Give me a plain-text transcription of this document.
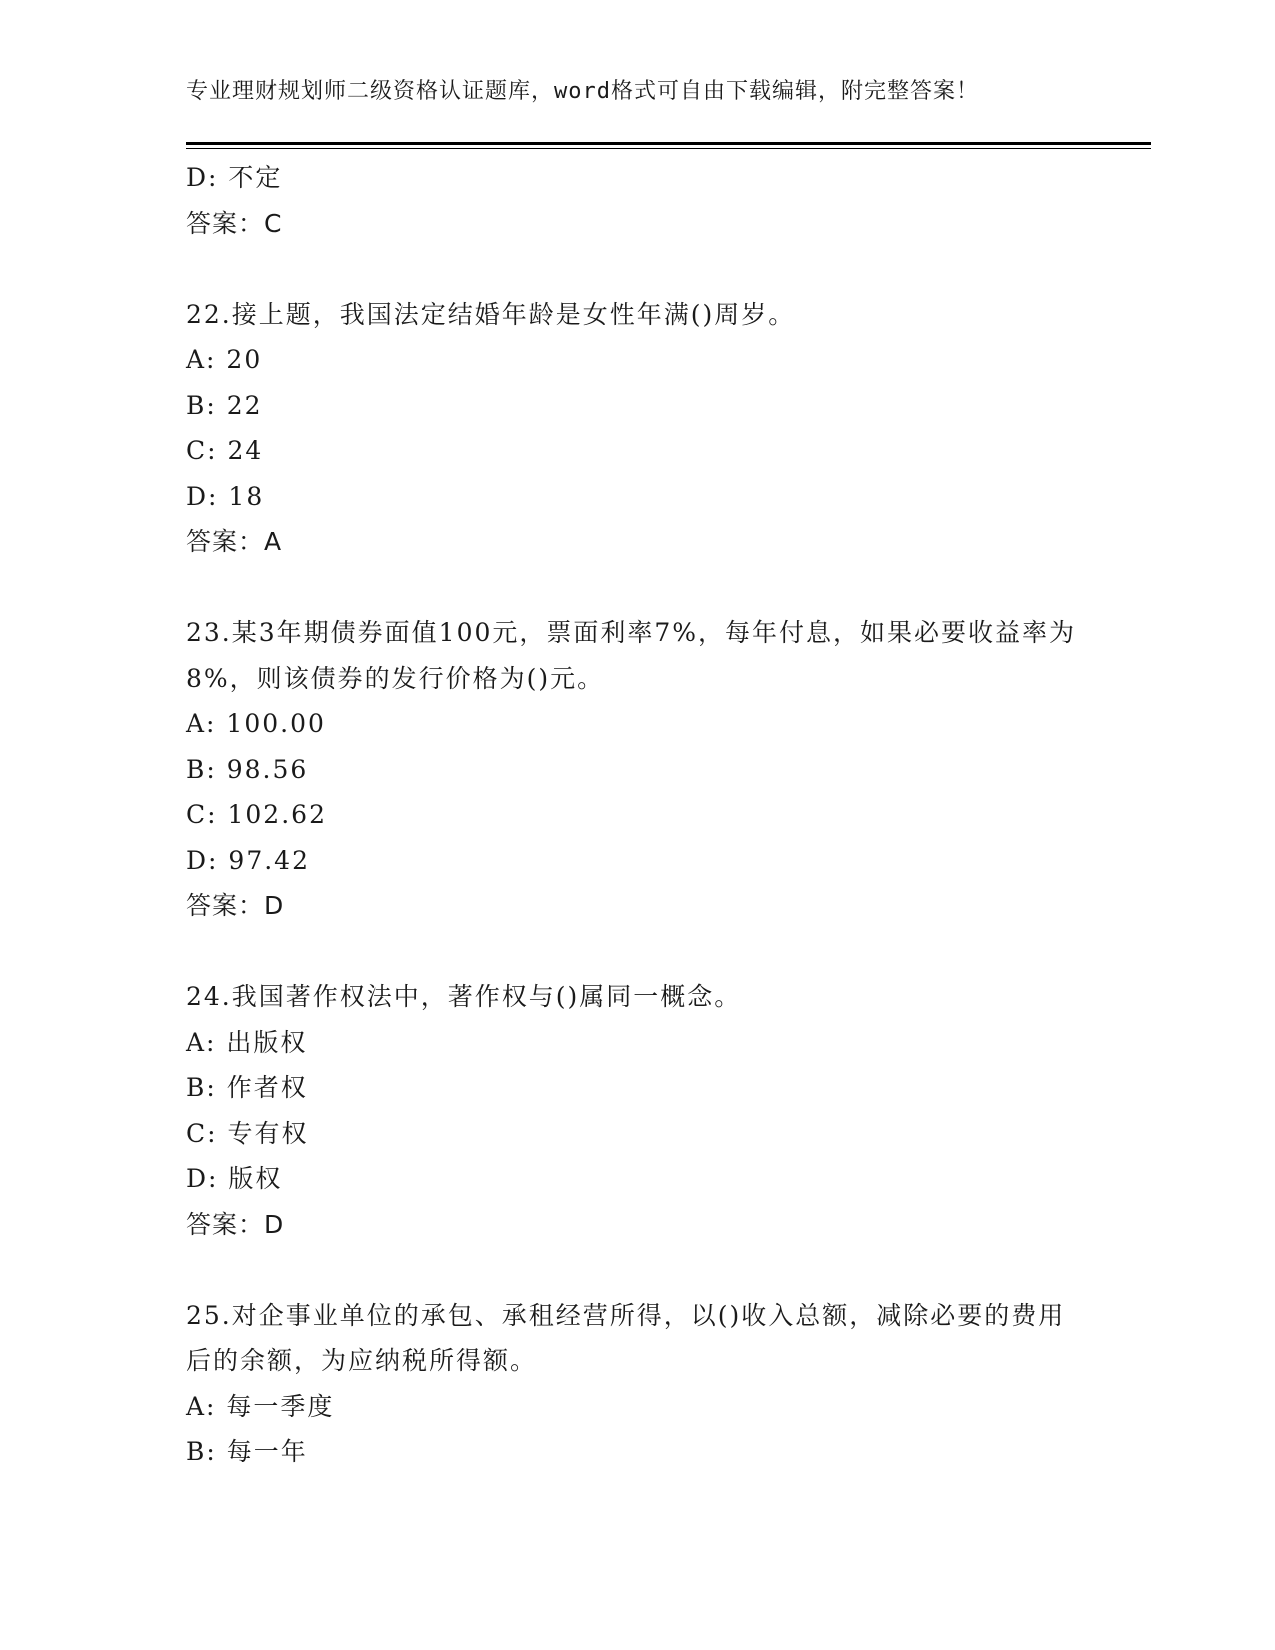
专业理财规划师二级资格认证题库，word格式可自由下载编辑，附完整答案！
D: 不定
答案：C
22.接上题，我国法定结婚年龄是女性年满()周岁。
A: 20
B: 22
C: 24
D: 18
答案：A
23.某3年期债券面值100元，票面利率7%，每年付息，如果必要收益率为8%，则该债券的发行价格为()元。
A: 100.00
B: 98.56
C: 102.62
D: 97.42
答案：D
24.我国著作权法中，著作权与()属同一概念。
A: 出版权
B: 作者权
C: 专有权
D: 版权
答案：D
25.对企事业单位的承包、承租经营所得，以()收入总额，减除必要的费用后的余额，为应纳税所得额。
A: 每一季度
B: 每一年
